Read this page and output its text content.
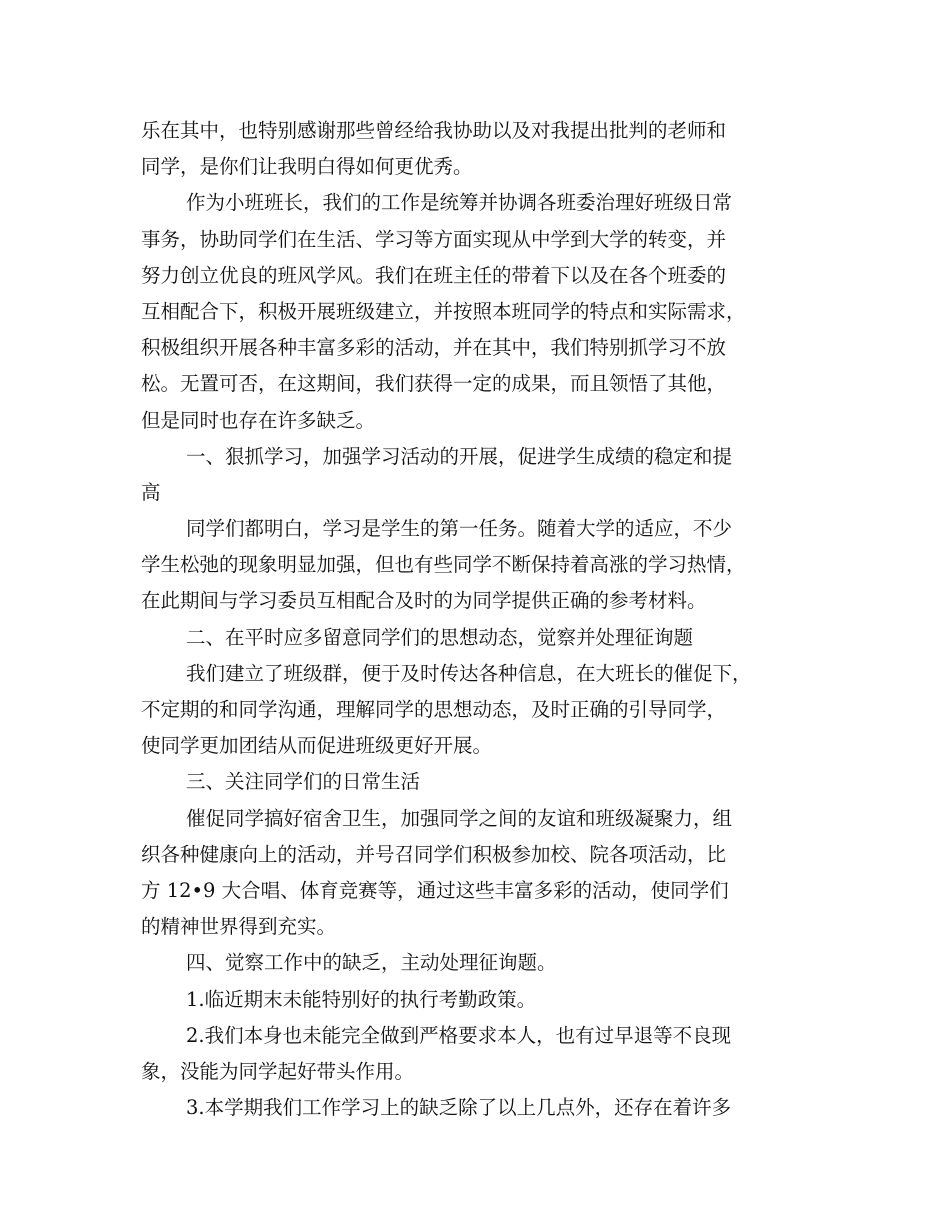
乐在其中，也特别感谢那些曾经给我协助以及对我提出批判的老师和
同学，是你们让我明白得如何更优秀。
作为小班班长，我们的工作是统筹并协调各班委治理好班级日常
事务，协助同学们在生活、学习等方面实现从中学到大学的转变，并
努力创立优良的班风学风。我们在班主任的带着下以及在各个班委的
互相配合下，积极开展班级建立，并按照本班同学的特点和实际需求，
积极组织开展各种丰富多彩的活动，并在其中，我们特别抓学习不放
松。无置可否，在这期间，我们获得一定的成果，而且领悟了其他，
但是同时也存在许多缺乏。
一、狠抓学习，加强学习活动的开展，促进学生成绩的稳定和提
高
同学们都明白，学习是学生的第一任务。随着大学的适应，不少
学生松弛的现象明显加强，但也有些同学不断保持着高涨的学习热情，
在此期间与学习委员互相配合及时的为同学提供正确的参考材料。
二、在平时应多留意同学们的思想动态，觉察并处理征询题
我们建立了班级群，便于及时传达各种信息，在大班长的催促下，
不定期的和同学沟通，理解同学的思想动态，及时正确的引导同学，
使同学更加团结从而促进班级更好开展。
三、关注同学们的日常生活
催促同学搞好宿舍卫生，加强同学之间的友谊和班级凝聚力，组
织各种健康向上的活动，并号召同学们积极参加校、院各项活动，比
方 12•9 大合唱、体育竞赛等，通过这些丰富多彩的活动，使同学们
的精神世界得到充实。
四、觉察工作中的缺乏，主动处理征询题。
1.临近期末未能特别好的执行考勤政策。
2.我们本身也未能完全做到严格要求本人，也有过早退等不良现
象，没能为同学起好带头作用。
3.本学期我们工作学习上的缺乏除了以上几点外，还存在着许多
